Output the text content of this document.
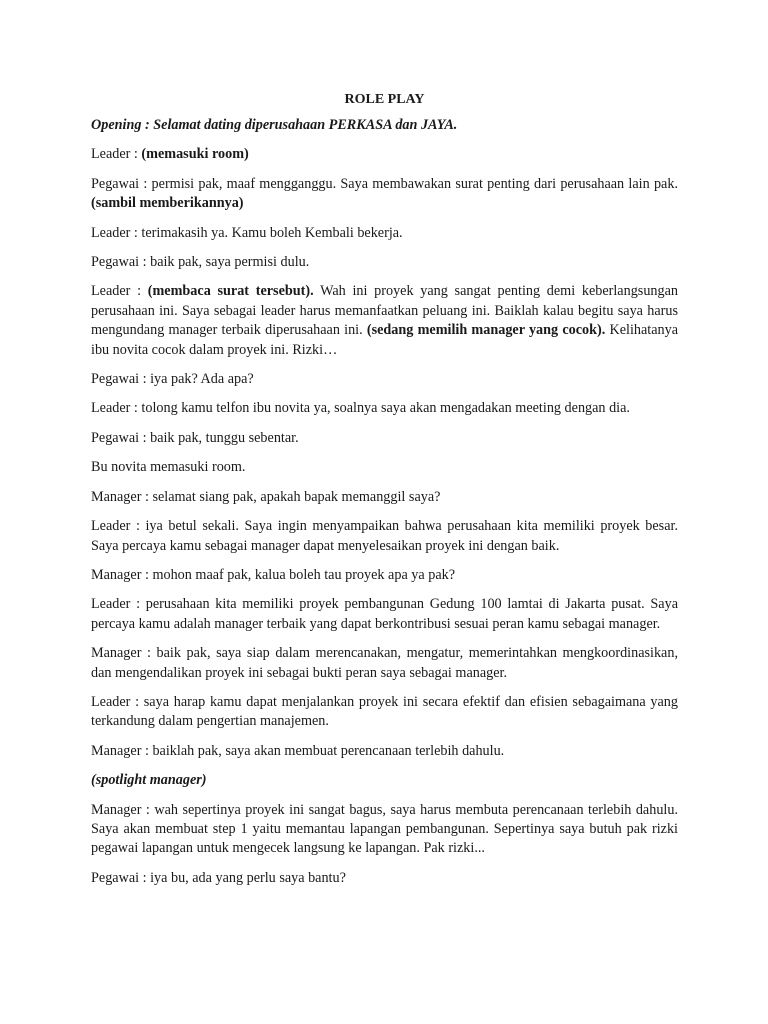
ROLE PLAY

Opening : Selamat dating diperusahaan PERKASA dan JAYA.

Leader : (memasuki room)

Pegawai : permisi pak, maaf mengganggu. Saya membawakan surat penting dari perusahaan lain pak.(sambil memberikannya)

Leader : terimakasih ya. Kamu boleh Kembali bekerja.

Pegawai : baik pak, saya permisi dulu.

Leader : (membaca surat tersebut). Wah ini proyek yang sangat penting demi keberlangsungan perusahaan ini. Saya sebagai leader harus memanfaatkan peluang ini. Baiklah kalau begitu saya harus mengundang manager terbaik diperusahaan ini. (sedang memilih manager yang cocok). Kelihatanya ibu novita cocok dalam proyek ini. Rizki…

Pegawai : iya pak? Ada apa?

Leader : tolong kamu telfon ibu novita ya, soalnya saya akan mengadakan meeting dengan dia.

Pegawai : baik pak, tunggu sebentar.

Bu novita memasuki room.

Manager : selamat siang pak, apakah bapak memanggil saya?

Leader : iya betul sekali. Saya ingin menyampaikan bahwa perusahaan kita memiliki proyek besar. Saya percaya kamu sebagai manager dapat menyelesaikan proyek ini dengan baik.

Manager : mohon maaf pak, kalua boleh tau proyek apa ya pak?

Leader : perusahaan kita memiliki proyek pembangunan Gedung 100 lamtai di Jakarta pusat. Saya percaya kamu adalah manager terbaik yang dapat berkontribusi sesuai peran kamu sebagai manager.

Manager : baik pak, saya siap dalam merencanakan, mengatur, memerintahkan mengkoordinasikan, dan mengendalikan proyek ini sebagai bukti peran saya sebagai manager.

Leader : saya harap kamu dapat menjalankan proyek ini secara efektif dan efisien sebagaimana yang terkandung dalam pengertian manajemen.

Manager : baiklah pak, saya akan membuat perencanaan terlebih dahulu.

(spotlight manager)

Manager : wah sepertinya proyek ini sangat bagus, saya harus membuta perencanaan terlebih dahulu. Saya akan membuat step 1 yaitu memantau lapangan pembangunan. Sepertinya saya butuh pak rizki pegawai lapangan untuk mengecek langsung ke lapangan. Pak rizki...

Pegawai : iya bu, ada yang perlu saya bantu?
